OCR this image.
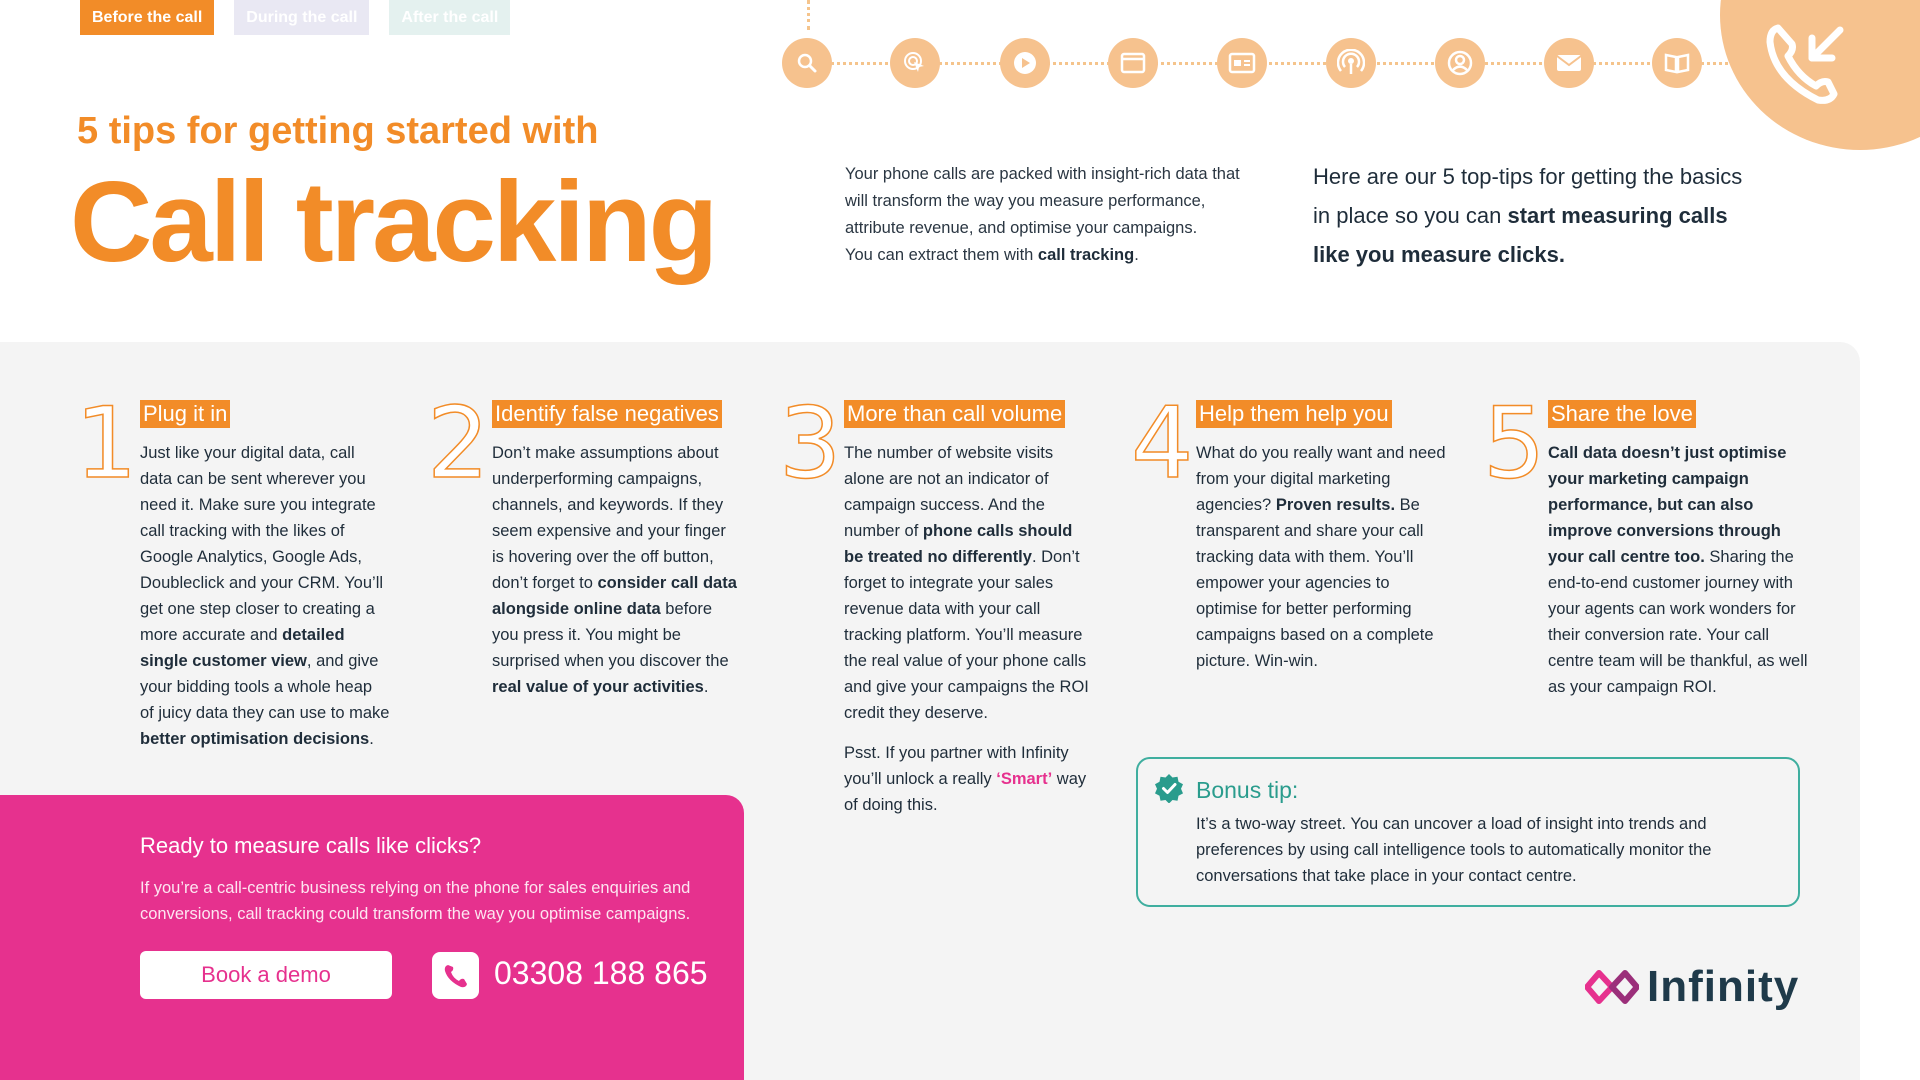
Before the call	During the call	After the call
5 tips for getting started with
Call tracking	Your phone calls are packed with insight-rich data that will transform the way you measure performance, attribute revenue, and optimise your campaigns.
You can extract them with call tracking.
Here are our 5 top-tips for getting the basics in place so you can start measuring calls like you measure clicks.
1 Plug it in
Just like your digital data, call data can be sent wherever you need it. Make sure you integrate call tracking with the likes of Google Analytics, Google Ads, Doubleclick and your CRM. You’ll get one step closer to creating a more accurate and detailed single customer view, and give your bidding tools a whole heap of juicy data they can use to make better optimisation decisions.
2 Identify false negatives
Don’t make assumptions about underperforming campaigns, channels, and keywords. If they seem expensive and your finger is hovering over the off button, don’t forget to consider call data alongside online data before you press it. You might be surprised when you discover the real value of your activities.
3 More than call volume

The number of website visits alone are not an indicator of campaign success. And the number of phone calls should be treated no differently. Don’t forget to integrate your sales revenue data with your call tracking platform. You’ll measure the real value of your phone calls and give your campaigns the ROI credit they deserve.

Psst. If you partner with Infinity you’ll unlock a really ‘Smart’ way of doing this.

4 Help them help you
What do you really want and need from your digital marketing agencies? Proven results. Be transparent and share your call tracking data with them. You’ll empower your agencies to optimise for better performing campaigns based on a complete picture. Win-win.
5 Share the love
Call data doesn’t just optimise your marketing campaign performance, but can also improve conversions through your call centre too. Sharing the end-to-end customer journey with your agents can work wonders for their conversion rate. Your call centre team will be thankful, as well as your campaign ROI.
Bonus tip:
It’s a two-way street. You can uncover a load of insight into trends and preferences by using call intelligence tools to automatically monitor the conversations that take place in your contact centre.
Ready to measure calls like clicks?
If you’re a call-centric business relying on the phone for sales enquiries and conversions, call tracking could transform the way you optimise campaigns.
Book a demo	03308 188 865	Infinity
